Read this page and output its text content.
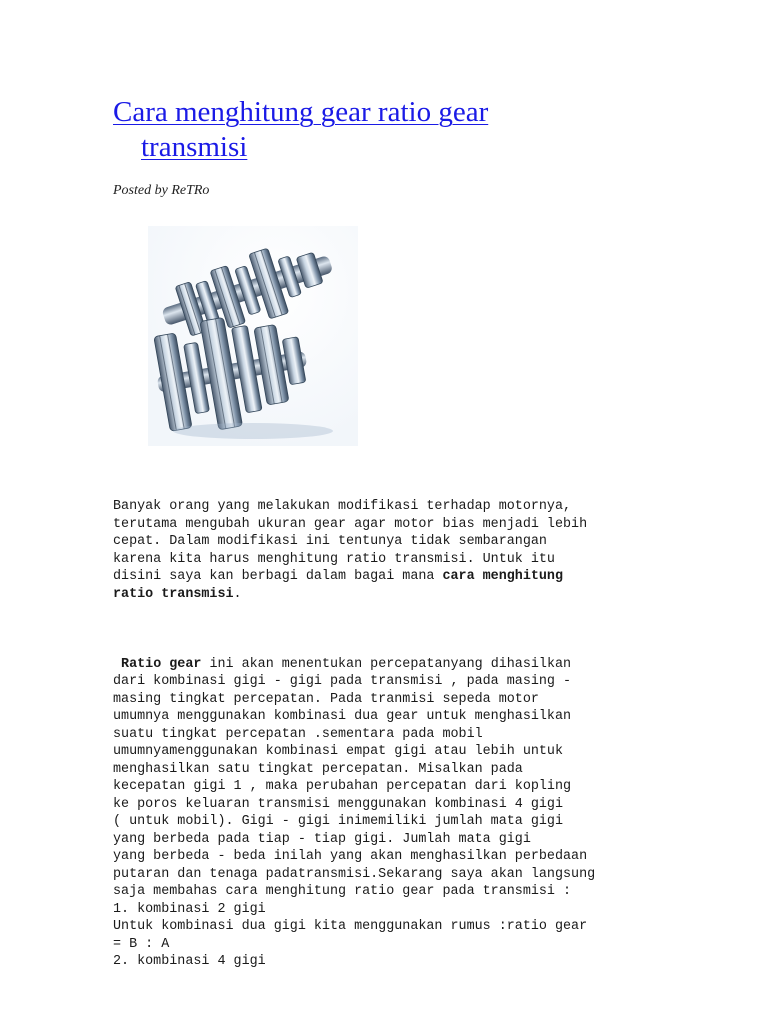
Cara menghitung gear ratio gear
transmisi
Posted by ReTRo

Banyak orang yang melakukan modifikasi terhadap motornya,
terutama mengubah ukuran gear agar motor bias menjadi lebih
cepat. Dalam modifikasi ini tentunya tidak sembarangan
karena kita harus menghitung ratio transmisi. Untuk itu
disini saya kan berbagi dalam bagai mana cara menghitung
ratio transmisi.

Ratio gear ini akan menentukan percepatanyang dihasilkan
dari kombinasi gigi - gigi pada transmisi , pada masing -
masing tingkat percepatan. Pada tranmisi sepeda motor
umumnya menggunakan kombinasi dua gear untuk menghasilkan
suatu tingkat percepatan .sementara pada mobil
umumnyamenggunakan kombinasi empat gigi atau lebih untuk
menghasilkan satu tingkat percepatan. Misalkan pada
kecepatan gigi 1 , maka perubahan percepatan dari kopling
ke poros keluaran transmisi menggunakan kombinasi 4 gigi
( untuk mobil). Gigi - gigi inimemiliki jumlah mata gigi
yang berbeda pada tiap - tiap gigi. Jumlah mata gigi
yang berbeda - beda inilah yang akan menghasilkan perbedaan
putaran dan tenaga padatransmisi.Sekarang saya akan langsung
saja membahas cara menghitung ratio gear pada transmisi :
1. kombinasi 2 gigi
Untuk kombinasi dua gigi kita menggunakan rumus :ratio gear
= B : A
2. kombinasi 4 gigi
